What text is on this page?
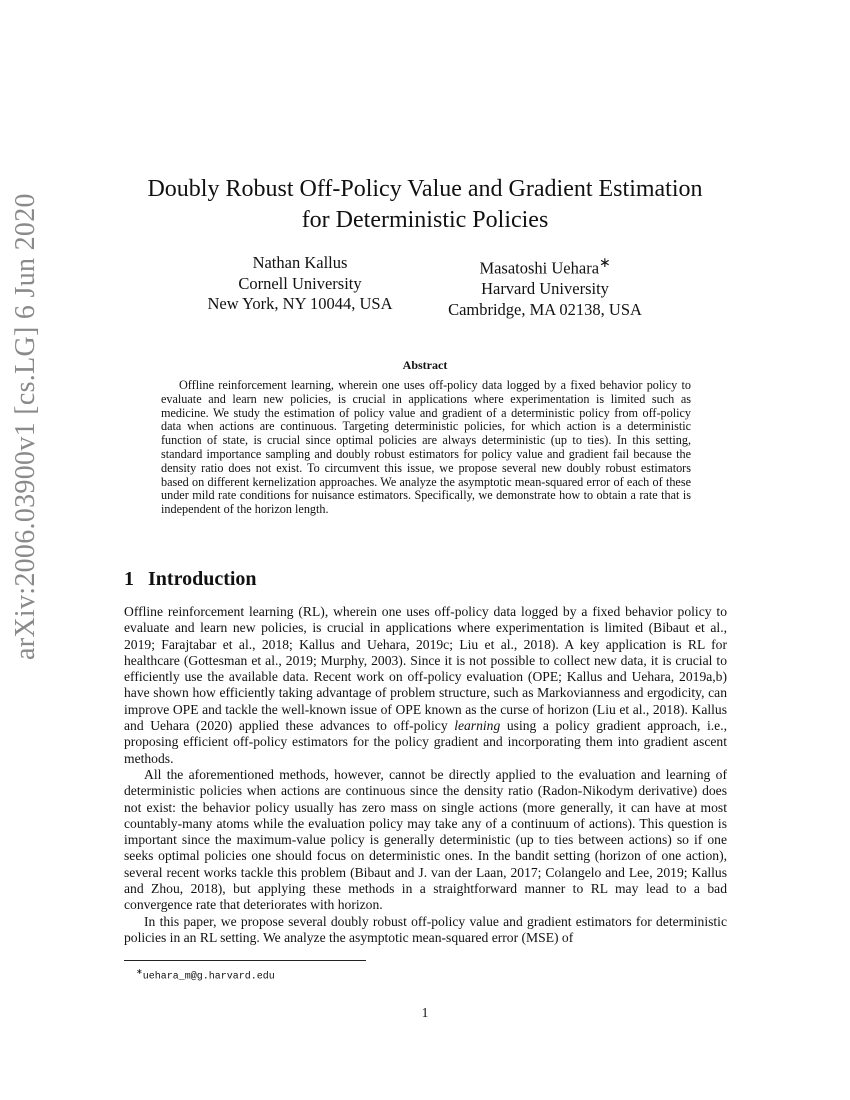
arXiv:2006.03900v1 [cs.LG] 6 Jun 2020
Doubly Robust Off-Policy Value and Gradient Estimation
for Deterministic Policies
Nathan Kallus
Cornell University
New York, NY 10044, USA
Masatoshi Uehara∗
Harvard University
Cambridge, MA 02138, USA
Abstract
Offline reinforcement learning, wherein one uses off-policy data logged by a fixed behavior policy to evaluate and learn new policies, is crucial in applications where experimentation is limited such as medicine. We study the estimation of policy value and gradient of a deterministic policy from off-policy data when actions are continuous. Targeting deterministic policies, for which action is a deterministic function of state, is crucial since optimal policies are always deterministic (up to ties). In this setting, standard importance sampling and doubly robust estimators for policy value and gradient fail because the density ratio does not exist. To circumvent this issue, we propose several new doubly robust estimators based on different kernelization approaches. We analyze the asymptotic mean-squared error of each of these under mild rate conditions for nuisance estimators. Specifically, we demonstrate how to obtain a rate that is independent of the horizon length.
1 Introduction

Offline reinforcement learning (RL), wherein one uses off-policy data logged by a fixed behavior policy to evaluate and learn new policies, is crucial in applications where experimentation is limited (Bibaut et al., 2019; Farajtabar et al., 2018; Kallus and Uehara, 2019c; Liu et al., 2018). A key application is RL for healthcare (Gottesman et al., 2019; Murphy, 2003). Since it is not possible to collect new data, it is crucial to efficiently use the available data. Recent work on off-policy evaluation (OPE; Kallus and Uehara, 2019a,b) have shown how efficiently taking advantage of problem structure, such as Markovianness and ergodicity, can improve OPE and tackle the well-known issue of OPE known as the curse of horizon (Liu et al., 2018). Kallus and Uehara (2020) applied these advances to off-policy learning using a policy gradient approach, i.e., proposing efficient off-policy estimators for the policy gradient and incorporating them into gradient ascent methods.

All the aforementioned methods, however, cannot be directly applied to the evaluation and learning of deterministic policies when actions are continuous since the density ratio (Radon-Nikodym derivative) does not exist: the behavior policy usually has zero mass on single actions (more generally, it can have at most countably-many atoms while the evaluation policy may take any of a continuum of actions). This question is important since the maximum-value policy is generally deterministic (up to ties between actions) so if one seeks optimal policies one should focus on deterministic ones. In the bandit setting (horizon of one action), several recent works tackle this problem (Bibaut and J. van der Laan, 2017; Colangelo and Lee, 2019; Kallus and Zhou, 2018), but applying these methods in a straightforward manner to RL may lead to a bad convergence rate that deteriorates with horizon.

In this paper, we propose several doubly robust off-policy value and gradient estimators for deterministic policies in an RL setting. We analyze the asymptotic mean-squared error (MSE) of

∗uehara_m@g.harvard.edu
1
